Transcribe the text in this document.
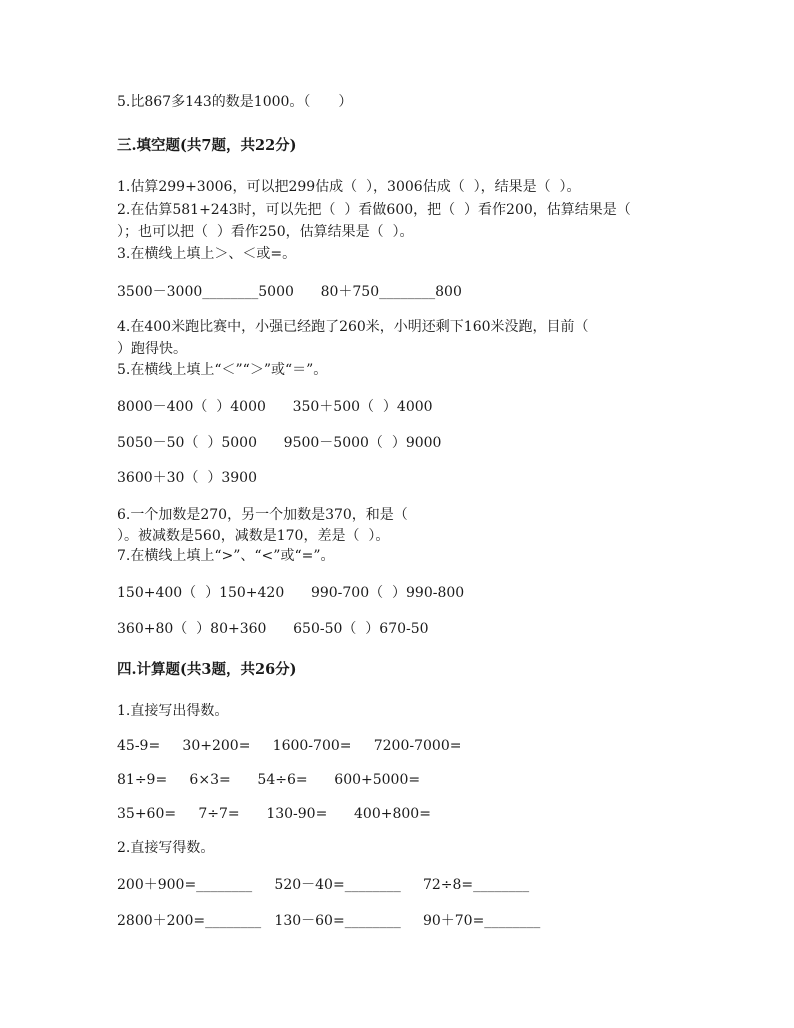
5.比867多143的数是1000。（　　）
三.填空题(共7题，共22分)
1.估算299+3006，可以把299估成（  ），3006估成（  ），结果是（  ）。
2.在估算581+243时，可以先把（  ）看做600，把（  ）看作200，估算结果是（
）；也可以把（  ）看作250，估算结果是（  ）。
3.在横线上填上＞、＜或=。
3500－3000________5000      80＋750________800
4.在400米跑比赛中，小强已经跑了260米，小明还剩下160米没跑，目前（
）跑得快。
5.在横线上填上“＜”“＞”或“＝”。
8000－400（  ）4000      350＋500（  ）4000
5050－50（  ）5000      9500－5000（  ）9000
3600＋30（  ）3900
6.一个加数是270，另一个加数是370，和是（
）。被减数是560，减数是170，差是（  ）。
7.在横线上填上“>”、“<”或“=”。
150+400（  ）150+420      990-700（  ）990-800
360+80（  ）80+360      650-50（  ）670-50
四.计算题(共3题，共26分)
1.直接写出得数。
45-9=     30+200=     1600-700=     7200-7000=
81÷9=     6×3=      54÷6=      600+5000=
35+60=     7÷7=      130-90=      400+800=
2.直接写得数。
200＋900=________     520－40=________     72÷8=________
2800＋200=________   130－60=________     90＋70=________
